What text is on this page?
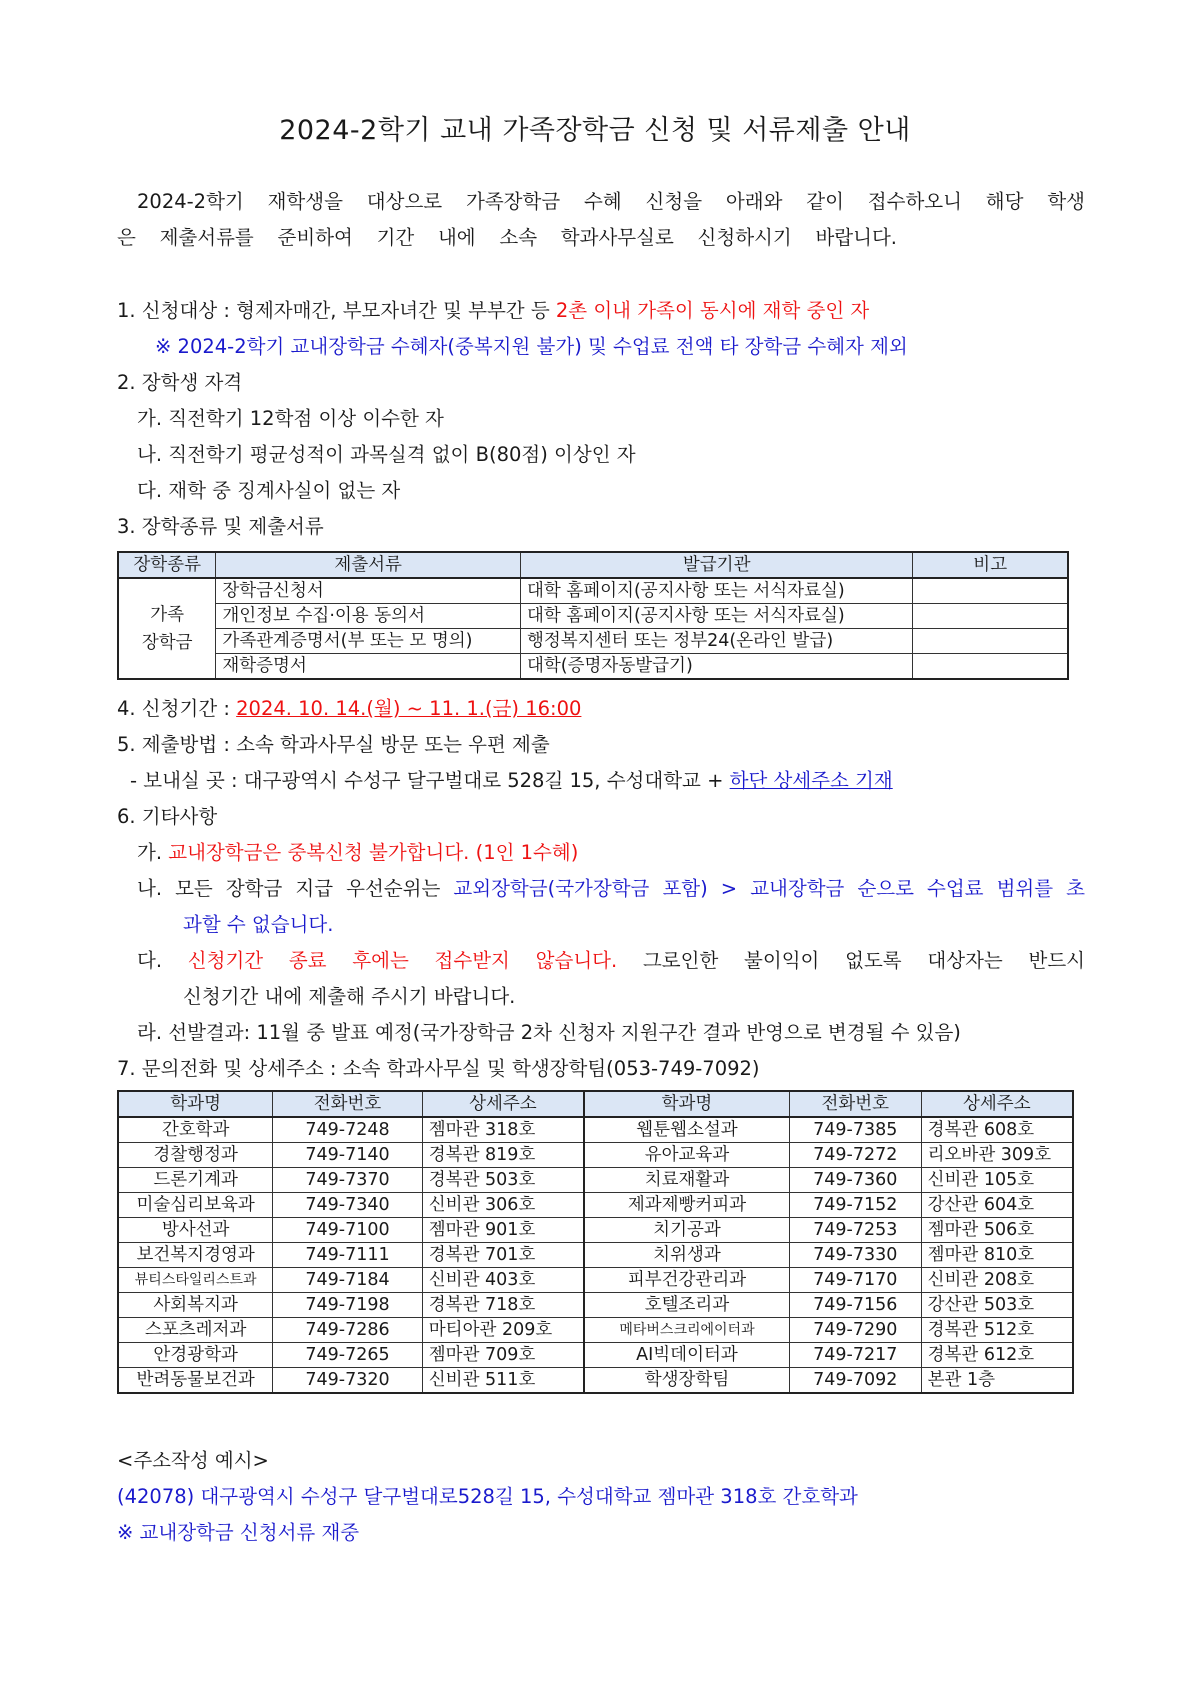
2024-2학기 교내 가족장학금 신청 및 서류제출 안내
2024-2학기 재학생을 대상으로 가족장학금 수혜 신청을 아래와 같이 접수하오니 해당 학생
은 제출서류를 준비하여 기간 내에 소속 학과사무실로 신청하시기 바랍니다.
1. 신청대상 : 형제자매간, 부모자녀간 및 부부간 등 2촌 이내 가족이 동시에 재학 중인 자
※ 2024-2학기 교내장학금 수혜자(중복지원 불가) 및 수업료 전액 타 장학금 수혜자 제외
2. 장학생 자격
가. 직전학기 12학점 이상 이수한 자
나. 직전학기 평균성적이 과목실격 없이 B(80점) 이상인 자
다. 재학 중 징계사실이 없는 자
3. 장학종류 및 제출서류
장학종류	제출서류	발급기관	비고

가족
장학금	장학금신청서	대학 홈페이지(공지사항 또는 서식자료실)	
	개인정보 수집·이용 동의서	대학 홈페이지(공지사항 또는 서식자료실)	
	가족관계증명서(부 또는 모 명의)	행정복지센터 또는 정부24(온라인 발급)	
	재학증명서	대학(증명자동발급기)	
4. 신청기간 : 2024. 10. 14.(월) ~ 11. 1.(금) 16:00
5. 제출방법 : 소속 학과사무실 방문 또는 우편 제출
- 보내실 곳 : 대구광역시 수성구 달구벌대로 528길 15, 수성대학교 + 하단 상세주소 기재
6. 기타사항
가. 교내장학금은 중복신청 불가합니다. (1인 1수혜)
나. 모든 장학금 지급 우선순위는 교외장학금(국가장학금 포함) > 교내장학금 순으로 수업료 범위를 초
과할 수 없습니다.
다. 신청기간 종료 후에는 접수받지 않습니다. 그로인한 불이익이 없도록 대상자는 반드시
신청기간 내에 제출해 주시기 바랍니다.
라. 선발결과: 11월 중 발표 예정(국가장학금 2차 신청자 지원구간 결과 반영으로 변경될 수 있음)
7. 문의전화 및 상세주소 : 소속 학과사무실 및 학생장학팀(053-749-7092)
학과명	전화번호	상세주소	학과명	전화번호	상세주소
간호학과	749-7248	젬마관 318호	웹툰웹소설과	749-7385	경복관 608호
경찰행정과	749-7140	경복관 819호	유아교육과	749-7272	리오바관 309호
드론기계과	749-7370	경복관 503호	치료재활과	749-7360	신비관 105호
미술심리보육과	749-7340	신비관 306호	제과제빵커피과	749-7152	강산관 604호
방사선과	749-7100	젬마관 901호	치기공과	749-7253	젬마관 506호
보건복지경영과	749-7111	경복관 701호	치위생과	749-7330	젬마관 810호
뷰티스타일리스트과	749-7184	신비관 403호	피부건강관리과	749-7170	신비관 208호
사회복지과	749-7198	경복관 718호	호텔조리과	749-7156	강산관 503호
스포츠레저과	749-7286	마티아관 209호	메타버스크리에이터과	749-7290	경복관 512호
안경광학과	749-7265	젬마관 709호	AI빅데이터과	749-7217	경복관 612호
반려동물보건과	749-7320	신비관 511호	학생장학팀	749-7092	본관 1층
<주소작성 예시>
(42078) 대구광역시 수성구 달구벌대로528길 15, 수성대학교 젬마관 318호 간호학과
※ 교내장학금 신청서류 재중
